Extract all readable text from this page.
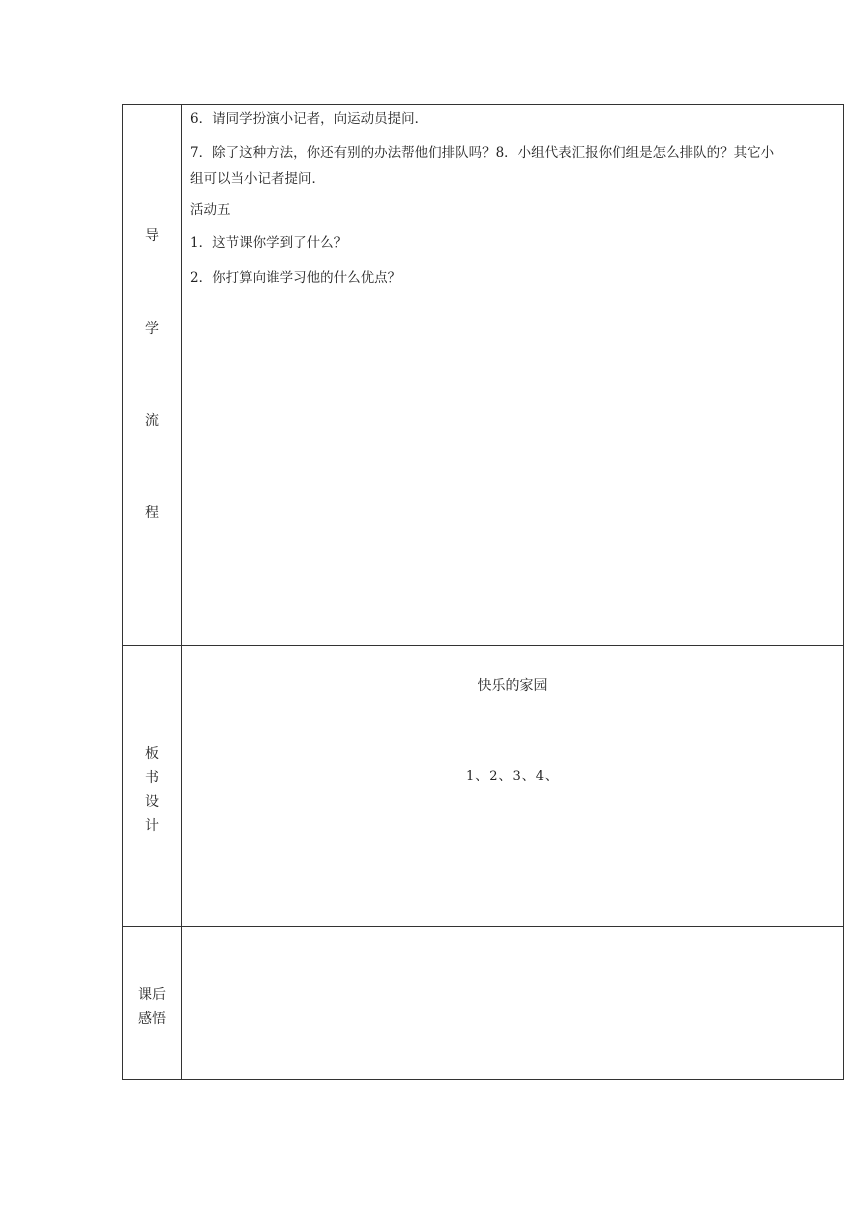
导
学
流
程
6．请同学扮演小记者，向运动员提问．
7．除了这种方法，你还有别的办法帮他们排队吗？8．小组代表汇报你们组是怎么排队的？其它小
组可以当小记者提问．
活动五
1．这节课你学到了什么？
2．你打算向谁学习他的什么优点？
板
书
设
计
快乐的家园
1、2、3、4、
课后
感悟
